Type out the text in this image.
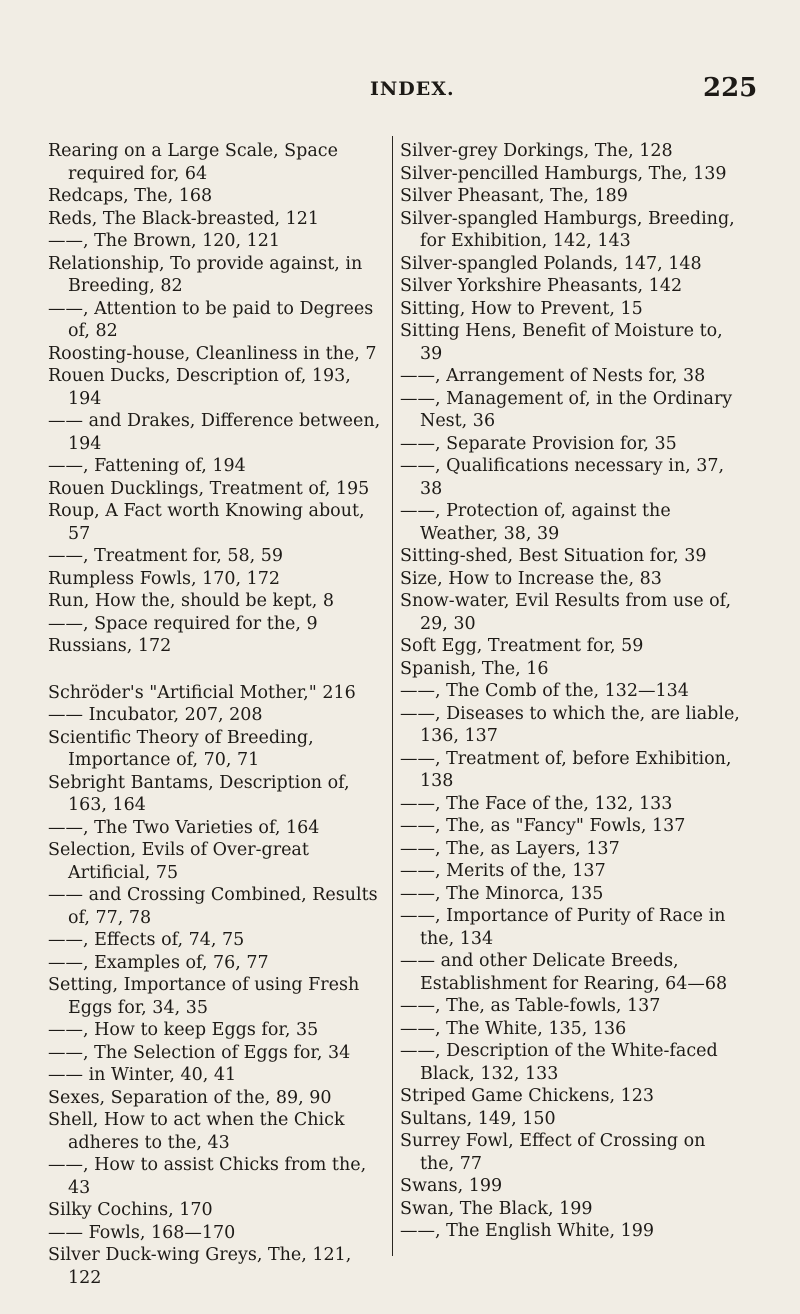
INDEX.	225

Rearing on a Large Scale, Space required for, 64

Redcaps, The, 168

Reds, The Black-breasted, 121

——, The Brown, 120, 121

Relationship, To provide against, in Breeding, 82

——, Attention to be paid to Degrees of, 82

Roosting-house, Cleanliness in the, 7

Rouen Ducks, Description of, 193, 194

—— and Drakes, Difference between, 194

——, Fattening of, 194

Rouen Ducklings, Treatment of, 195

Roup, A Fact worth Knowing about, 57

——, Treatment for, 58, 59

Rumpless Fowls, 170, 172

Run, How the, should be kept, 8

——, Space required for the, 9

Russians, 172

Schröder's "Artificial Mother," 216

—— Incubator, 207, 208

Scientific Theory of Breeding, Importance of, 70, 71

Sebright Bantams, Description of, 163, 164

——, The Two Varieties of, 164

Selection, Evils of Over-great Artificial, 75

—— and Crossing Combined, Results of, 77, 78

——, Effects of, 74, 75

——, Examples of, 76, 77

Setting, Importance of using Fresh Eggs for, 34, 35

——, How to keep Eggs for, 35

——, The Selection of Eggs for, 34

—— in Winter, 40, 41

Sexes, Separation of the, 89, 90

Shell, How to act when the Chick adheres to the, 43

——, How to assist Chicks from the, 43

Silky Cochins, 170

—— Fowls, 168—170

Silver Duck-wing Greys, The, 121, 122

Silver-grey Dorkings, The, 128

Silver-pencilled Hamburgs, The, 139

Silver Pheasant, The, 189

Silver-spangled Hamburgs, Breeding, for Exhibition, 142, 143

Silver-spangled Polands, 147, 148

Silver Yorkshire Pheasants, 142

Sitting, How to Prevent, 15

Sitting Hens, Benefit of Moisture to, 39

——, Arrangement of Nests for, 38

——, Management of, in the Ordinary Nest, 36

——, Separate Provision for, 35

——, Qualifications necessary in, 37, 38

——, Protection of, against the Weather, 38, 39

Sitting-shed, Best Situation for, 39

Size, How to Increase the, 83

Snow-water, Evil Results from use of, 29, 30

Soft Egg, Treatment for, 59

Spanish, The, 16

——, The Comb of the, 132—134

——, Diseases to which the, are liable, 136, 137

——, Treatment of, before Exhibition, 138

——, The Face of the, 132, 133

——, The, as "Fancy" Fowls, 137

——, The, as Layers, 137

——, Merits of the, 137

——, The Minorca, 135

——, Importance of Purity of Race in the, 134

—— and other Delicate Breeds, Establishment for Rearing, 64—68

——, The, as Table-fowls, 137

——, The White, 135, 136

——, Description of the White-faced Black, 132, 133

Striped Game Chickens, 123

Sultans, 149, 150

Surrey Fowl, Effect of Crossing on the, 77

Swans, 199

Swan, The Black, 199

——, The English White, 199
